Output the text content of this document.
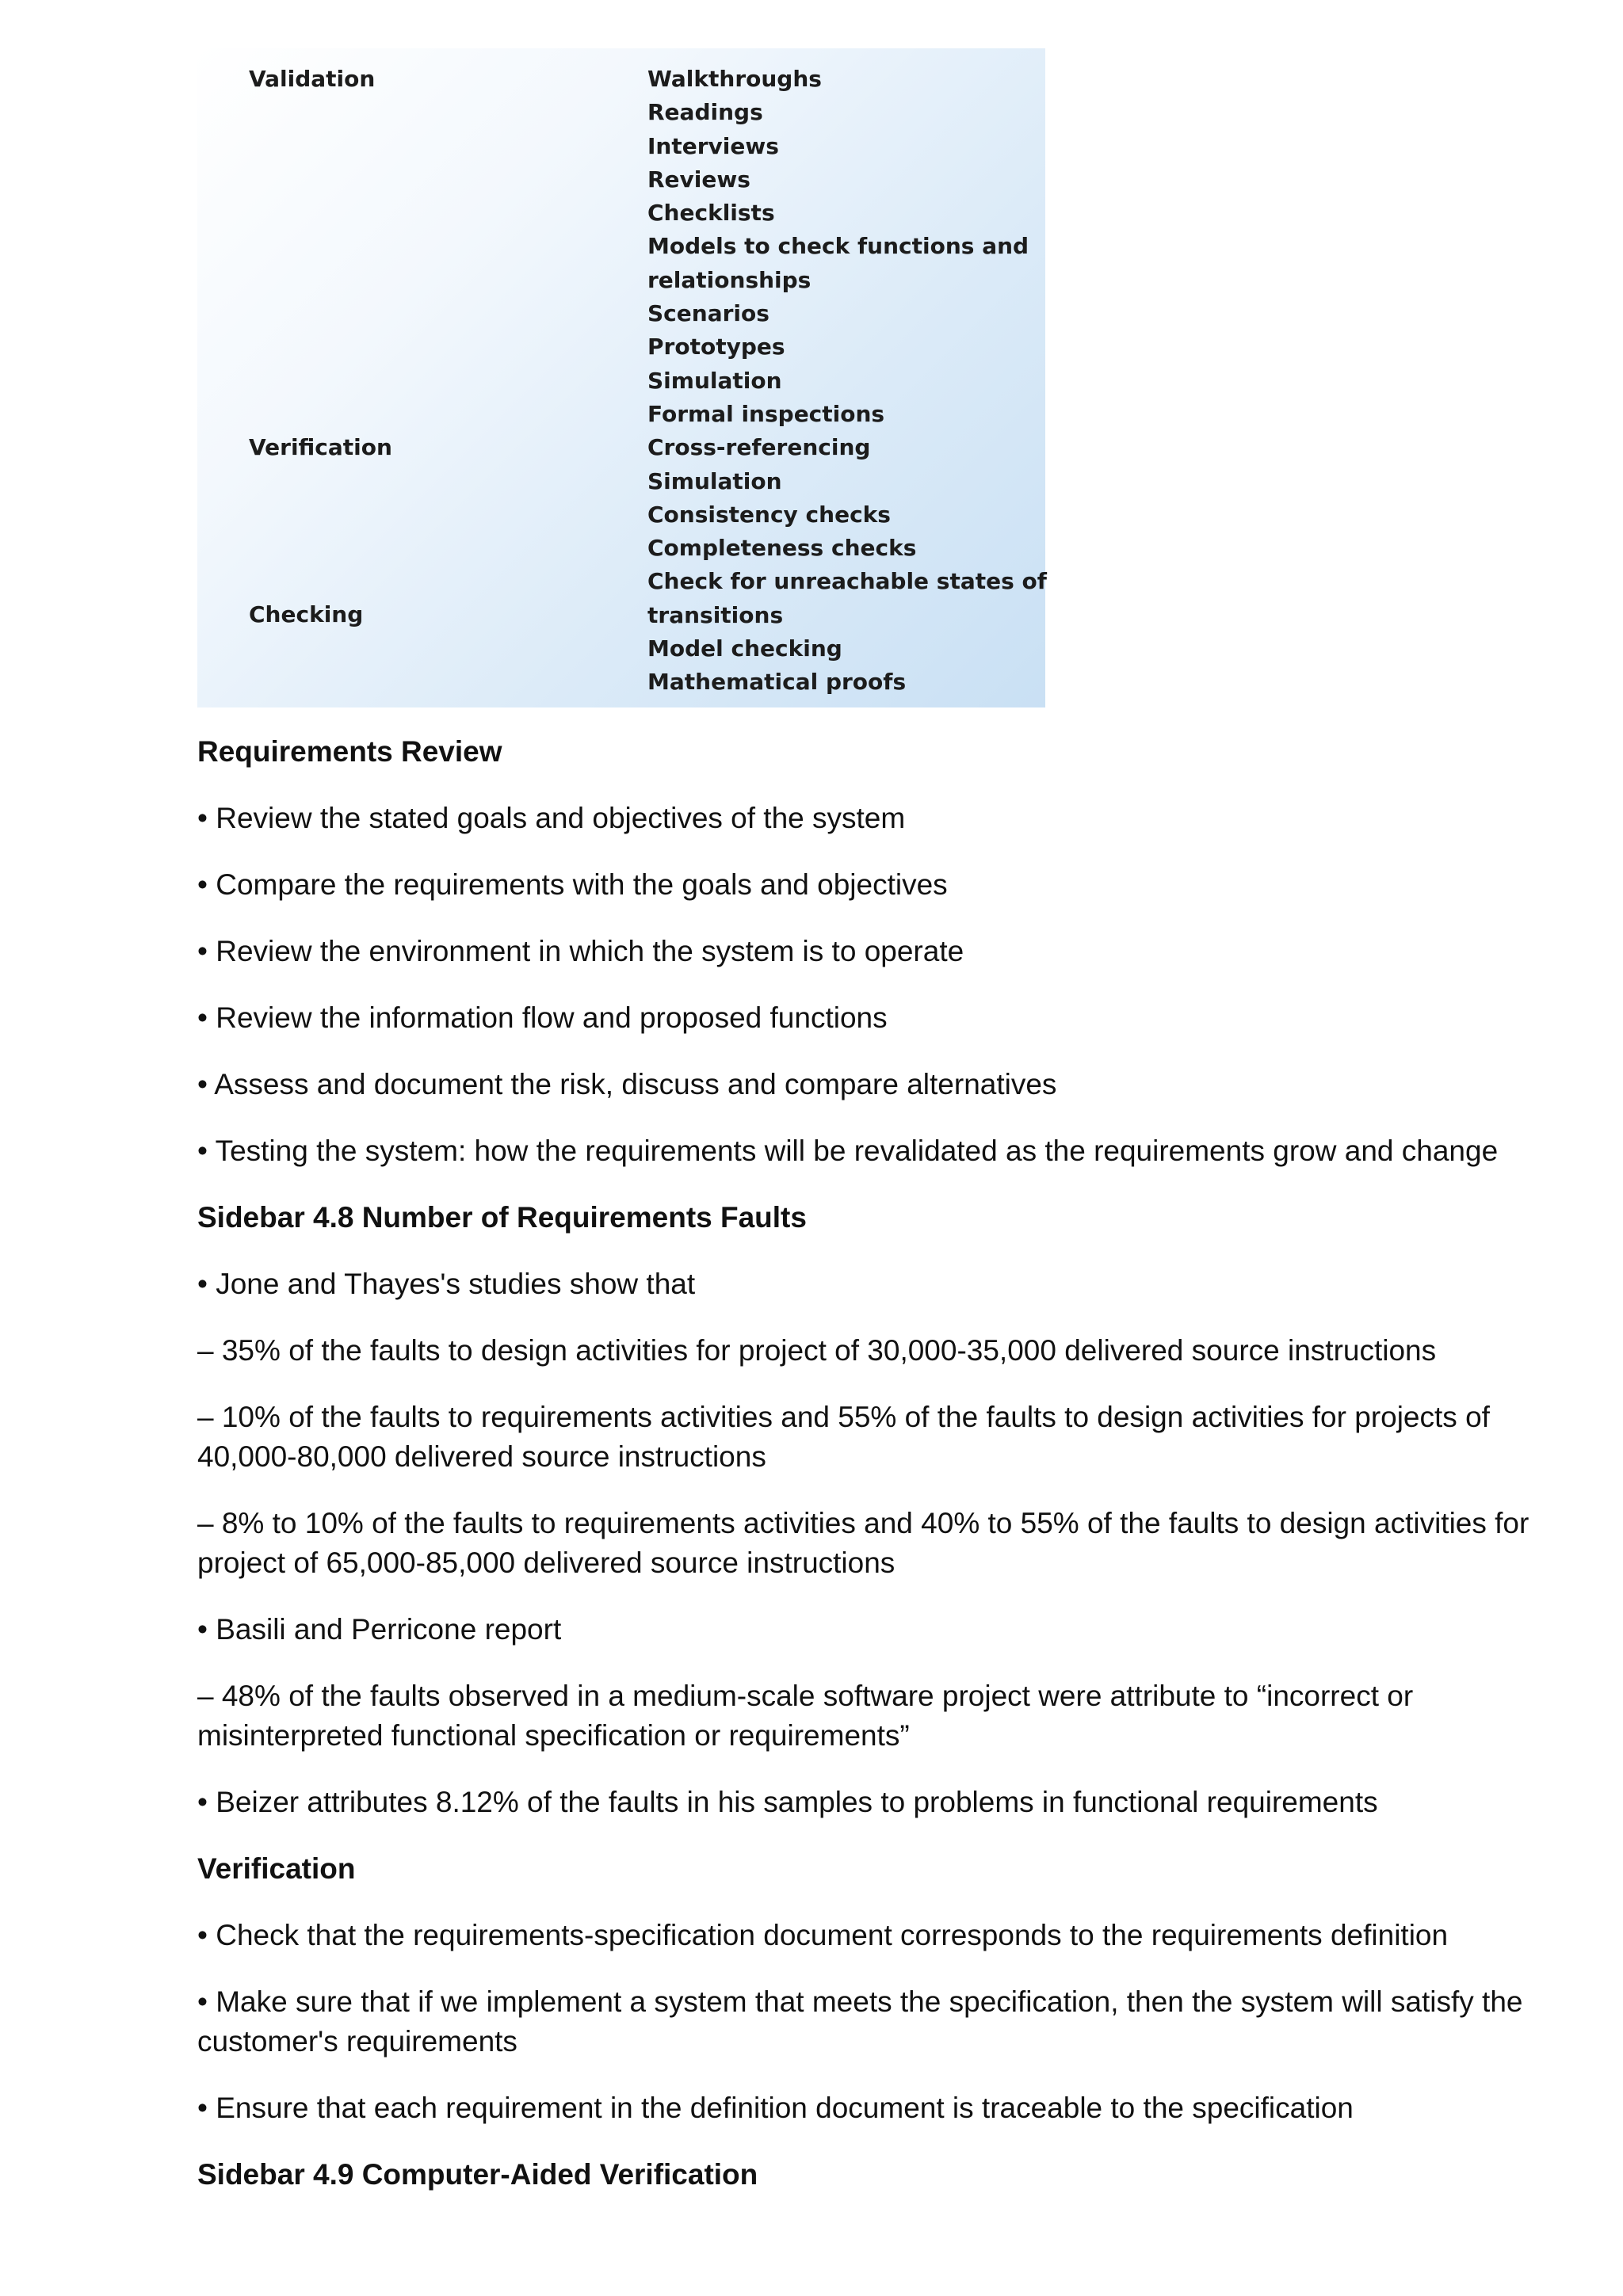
Validation
Verification
Checking
Walkthroughs
Readings
Interviews
Reviews
Checklists
Models to check functions and
relationships
Scenarios
Prototypes
Simulation
Formal inspections
Cross-referencing
Simulation
Consistency checks
Completeness checks
Check for unreachable states of
transitions
Model checking
Mathematical proofs

Requirements Review

• Review the stated goals and objectives of the system

• Compare the requirements with the goals and objectives

• Review the environment in which the system is to operate

• Review the information flow and proposed functions

• Assess and document the risk, discuss and compare alternatives

• Testing the system: how the requirements will be revalidated as the requirements grow and change

Sidebar 4.8 Number of Requirements Faults

• Jone and Thayes's studies show that

– 35% of the faults to design activities for project of 30,000-35,000 delivered source instructions

– 10% of the faults to requirements activities and 55% of the faults to design activities for projects of 40,000-80,000 delivered source instructions

– 8% to 10% of the faults to requirements activities and 40% to 55% of the faults to design activities for project of 65,000-85,000 delivered source instructions

• Basili and Perricone report

– 48% of the faults observed in a medium-scale software project were attribute to “incorrect or misinterpreted functional specification or requirements”

• Beizer attributes 8.12% of the faults in his samples to problems in functional requirements

Verification

• Check that the requirements-specification document corresponds to the requirements definition

• Make sure that if we implement a system that meets the specification, then the system will satisfy the customer's requirements

• Ensure that each requirement in the definition document is traceable to the specification

Sidebar 4.9 Computer-Aided Verification
